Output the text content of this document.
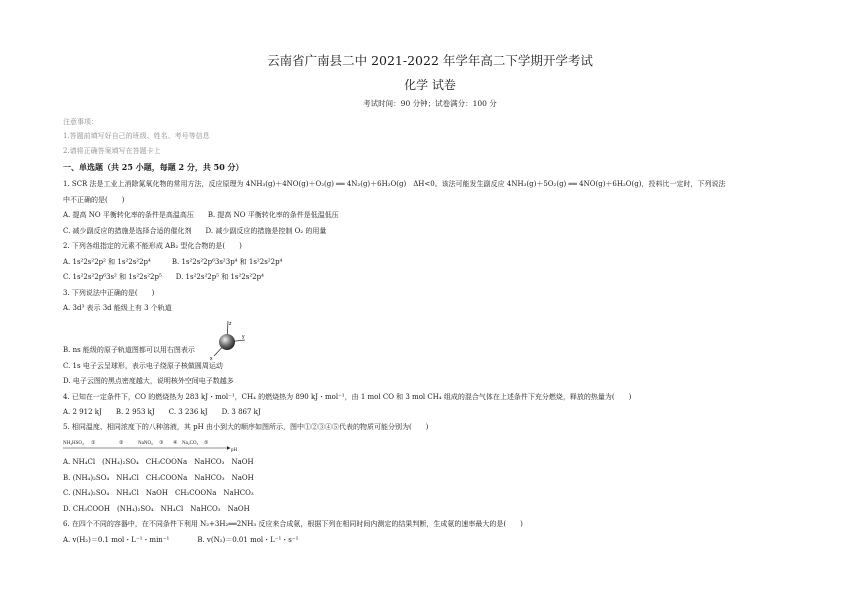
云南省广南县二中 2021-2022 年学年高二下学期开学考试
化学 试卷
考试时间：90 分钟；试卷满分：100 分
注意事项：
1.答题前填写好自己的班级、姓名、考号等信息
2.请将正确答案填写在答题卡上
一、单选题（共 25 小题，每题 2 分，共 50 分）
1. SCR 法是工业上消除氮氧化物的常用方法，反应原理为 4NH₃(g)＋4NO(g)＋O₂(g) ══ 4N₂(g)＋6H₂O(g)　ΔH<0。该法可能发生副反应 4NH₃(g)＋5O₂(g) ══ 4NO(g)＋6H₂O(g)，投料比一定时，下列说法
中不正确的是(　　)
A. 提高 NO 平衡转化率的条件是高温高压　　B. 提高 NO 平衡转化率的条件是低温低压
C. 减少副反应的措施是选择合适的催化剂　　D. 减少副反应的措施是控制 O₂ 的用量
2. 下列各组指定的元素不能形成 AB₂ 型化合物的是(　　)
A. 1s²2s²2p² 和 1s²2s²2p⁴　　　B. 1s²2s²2p⁶3s²3p⁴ 和 1s²2s²2p⁴
C. 1s²2s²2p⁶3s² 和 1s²2s²2p⁵　　D. 1s²2s²2p⁵ 和 1s²2s²2p⁴
3. 下列说法中正确的是(　　)
A. 3d³ 表示 3d 能级上有 3 个轨道
z
y
x
B. ns 能级的原子轨道图都可以用右图表示
C. 1s 电子云呈球形，表示电子绕原子核做圆周运动
D. 电子云图的黑点密度越大，说明核外空间电子数越多
4. 已知在一定条件下，CO 的燃烧热为 283 kJ・mol⁻¹，CH₄ 的燃烧热为 890 kJ・mol⁻¹，由 1 mol CO 和 3 mol CH₄ 组成的混合气体在上述条件下充分燃烧，释放的热量为(　　)
A. 2 912 kJ　　B. 2 953 kJ　　C. 3 236 kJ　　D. 3 867 kJ
5. 相同温度、相同浓度下的八种溶液，其 pH 由小到大的顺序如图所示，图中①②③④⑤代表的物质可能分别为(　　)
NH₄HSO₄ ①	②	NaNO₃ ③ ④ Na₂CO₃ ⑤
pH
A. NH₄Cl　(NH₄)₂SO₄　CH₃COONa　NaHCO₃　NaOH
B. (NH₄)₂SO₄　NH₄Cl　CH₃COONa　NaHCO₃　NaOH
C. (NH₄)₂SO₄　NH₄Cl　NaOH　CH₃COONa　NaHCO₃
D. CH₃COOH　(NH₄)₂SO₄　NH₄Cl　NaHCO₃　NaOH
6. 在四个不同的容器中，在不同条件下利用 N₂+3H₂══2NH₃ 反应来合成氨，根据下列在相同时间内测定的结果判断，生成氨的速率最大的是(　　)
A. v(H₂)＝0.1 mol・L⁻¹・min⁻¹　　　　B. v(N₂)＝0.01 mol・L⁻¹・s⁻¹
